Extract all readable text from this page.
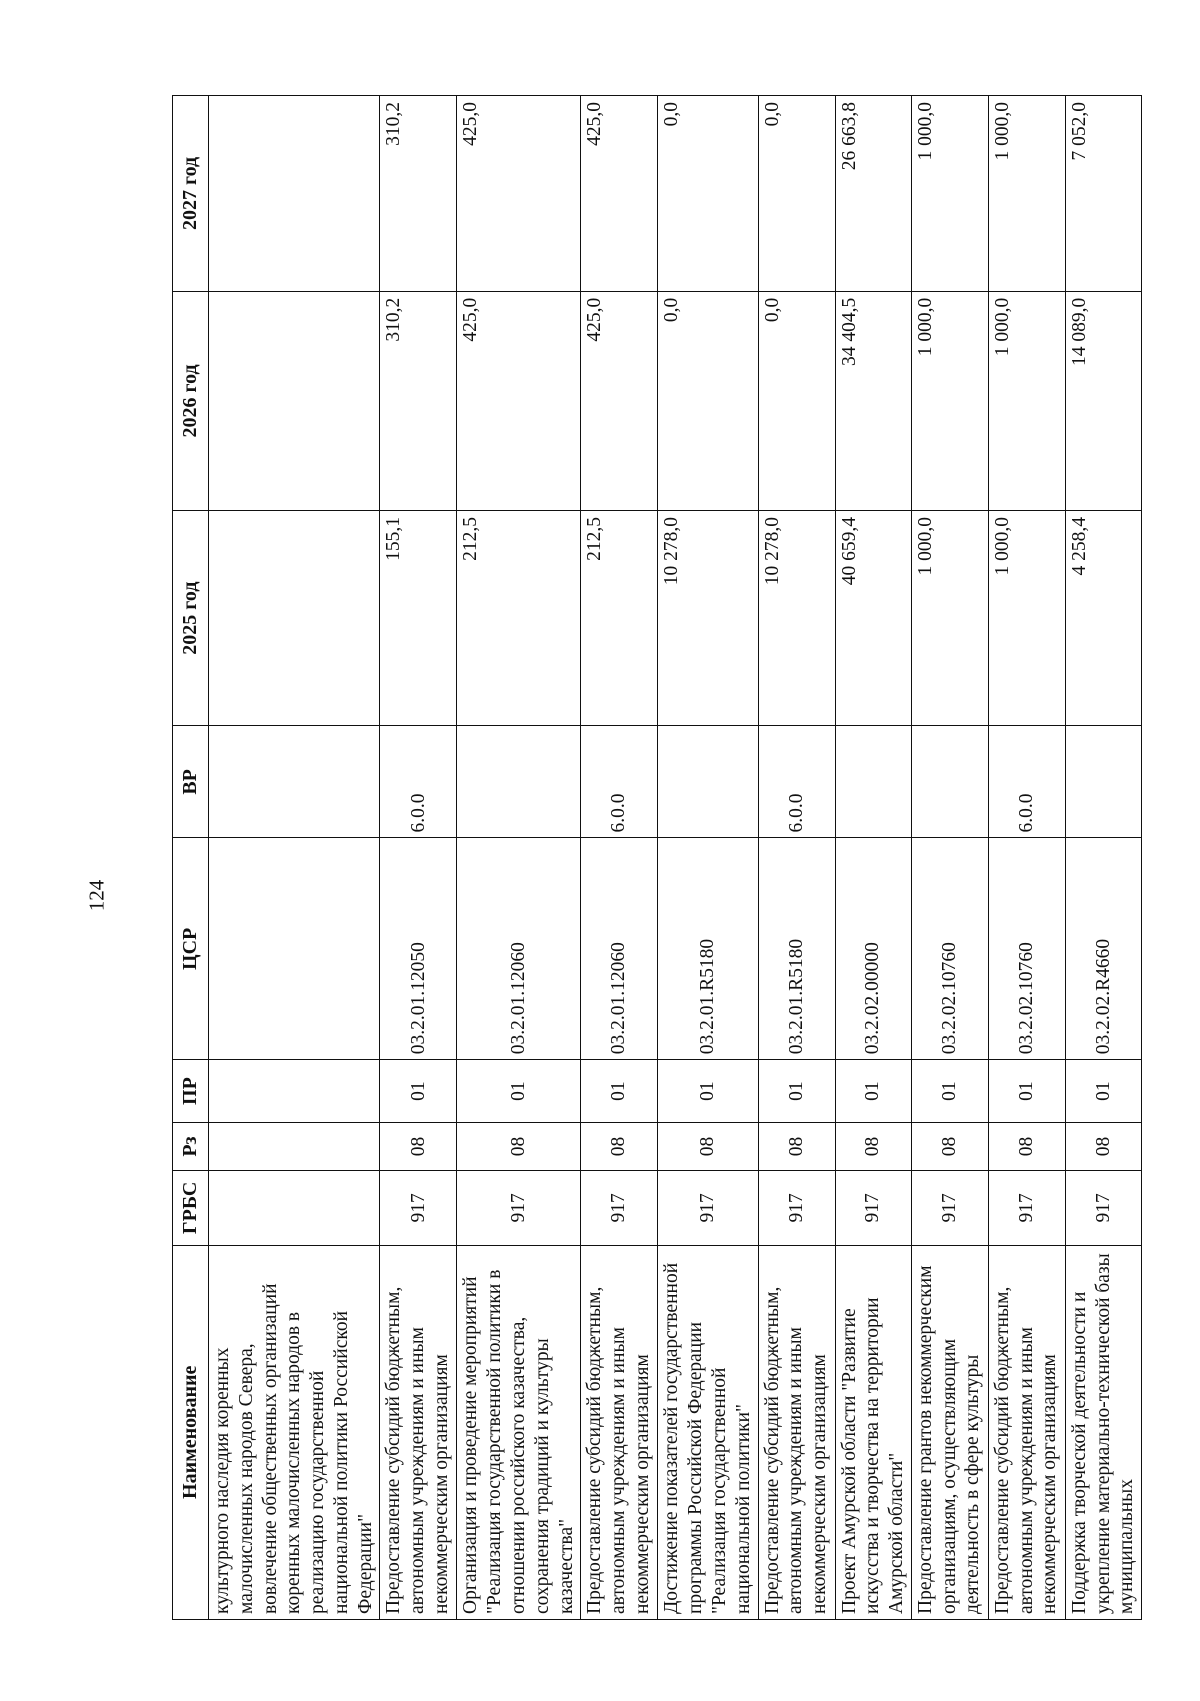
124
Наименование	ГРБС	Рз	ПР	ЦСР	ВР	2025 год	2026 год	2027 год
культурного наследия коренных малочисленных народов Севера, вовлечение общественных организаций коренных малочисленных народов в реализацию государственной национальной политики Российской Федерации"								
Предоставление субсидий бюджетным, автономным учреждениям и иным некоммерческим организациям	917	08	01	03.2.01.12050	6.0.0	155,1	310,2	310,2
Организация и проведение мероприятий "Реализация государственной политики в отношении российского казачества, сохранения традиций и культуры казачества"	917	08	01	03.2.01.12060		212,5	425,0	425,0
Предоставление субсидий бюджетным, автономным учреждениям и иным некоммерческим организациям	917	08	01	03.2.01.12060	6.0.0	212,5	425,0	425,0
Достижение показателей государственной программы Российской Федерации "Реализация государственной национальной политики"	917	08	01	03.2.01.R5180		10 278,0	0,0	0,0
Предоставление субсидий бюджетным, автономным учреждениям и иным некоммерческим организациям	917	08	01	03.2.01.R5180	6.0.0	10 278,0	0,0	0,0
Проект Амурской области "Развитие искусства и творчества на территории Амурской области"	917	08	01	03.2.02.00000		40 659,4	34 404,5	26 663,8
Предоставление грантов некоммерческим организациям, осуществляющим деятельность в сфере культуры	917	08	01	03.2.02.10760		1 000,0	1 000,0	1 000,0
Предоставление субсидий бюджетным, автономным учреждениям и иным некоммерческим организациям	917	08	01	03.2.02.10760	6.0.0	1 000,0	1 000,0	1 000,0
Поддержка творческой деятельности и укрепление материально-технической базы муниципальных	917	08	01	03.2.02.R4660		4 258,4	14 089,0	7 052,0
